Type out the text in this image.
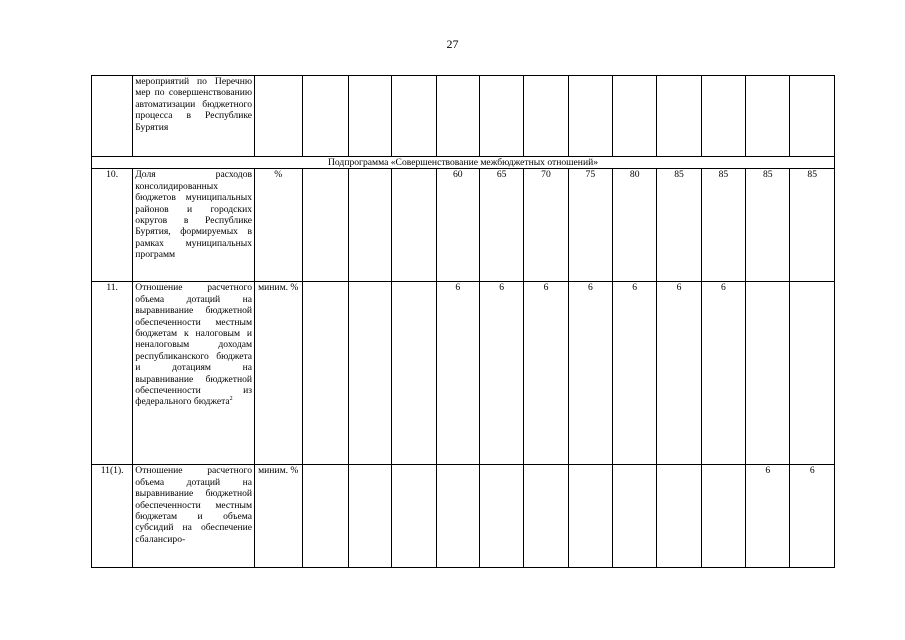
27
	мероприятий по Перечню мер по совершенствованию автоматизации бюджетного процесса в Республике Бурятия													
Подпрограмма «Совершенствование межбюджетных отношений»														
10.	Доля расходов консолидированных бюджетов муниципальных районов и городских округов в Республике Бурятия, формируемых в рамках муниципальных программ	%				60	65	70	75	80	85	85	85	85
11.	Отношение расчетного объема дотаций на выравнивание бюджетной обеспеченности местным бюджетам к налоговым и неналоговым доходам республиканского бюджета и дотациям на выравнивание бюджетной обеспеченности из федерального бюджета$^2$	миним. %				6	6	6	6	6	6	6		
11(1).	Отношение расчетного объема дотаций на выравнивание бюджетной обеспеченности местным бюджетам и объема субсидий на обеспечение сбалансиро-	миним. %											6	6
